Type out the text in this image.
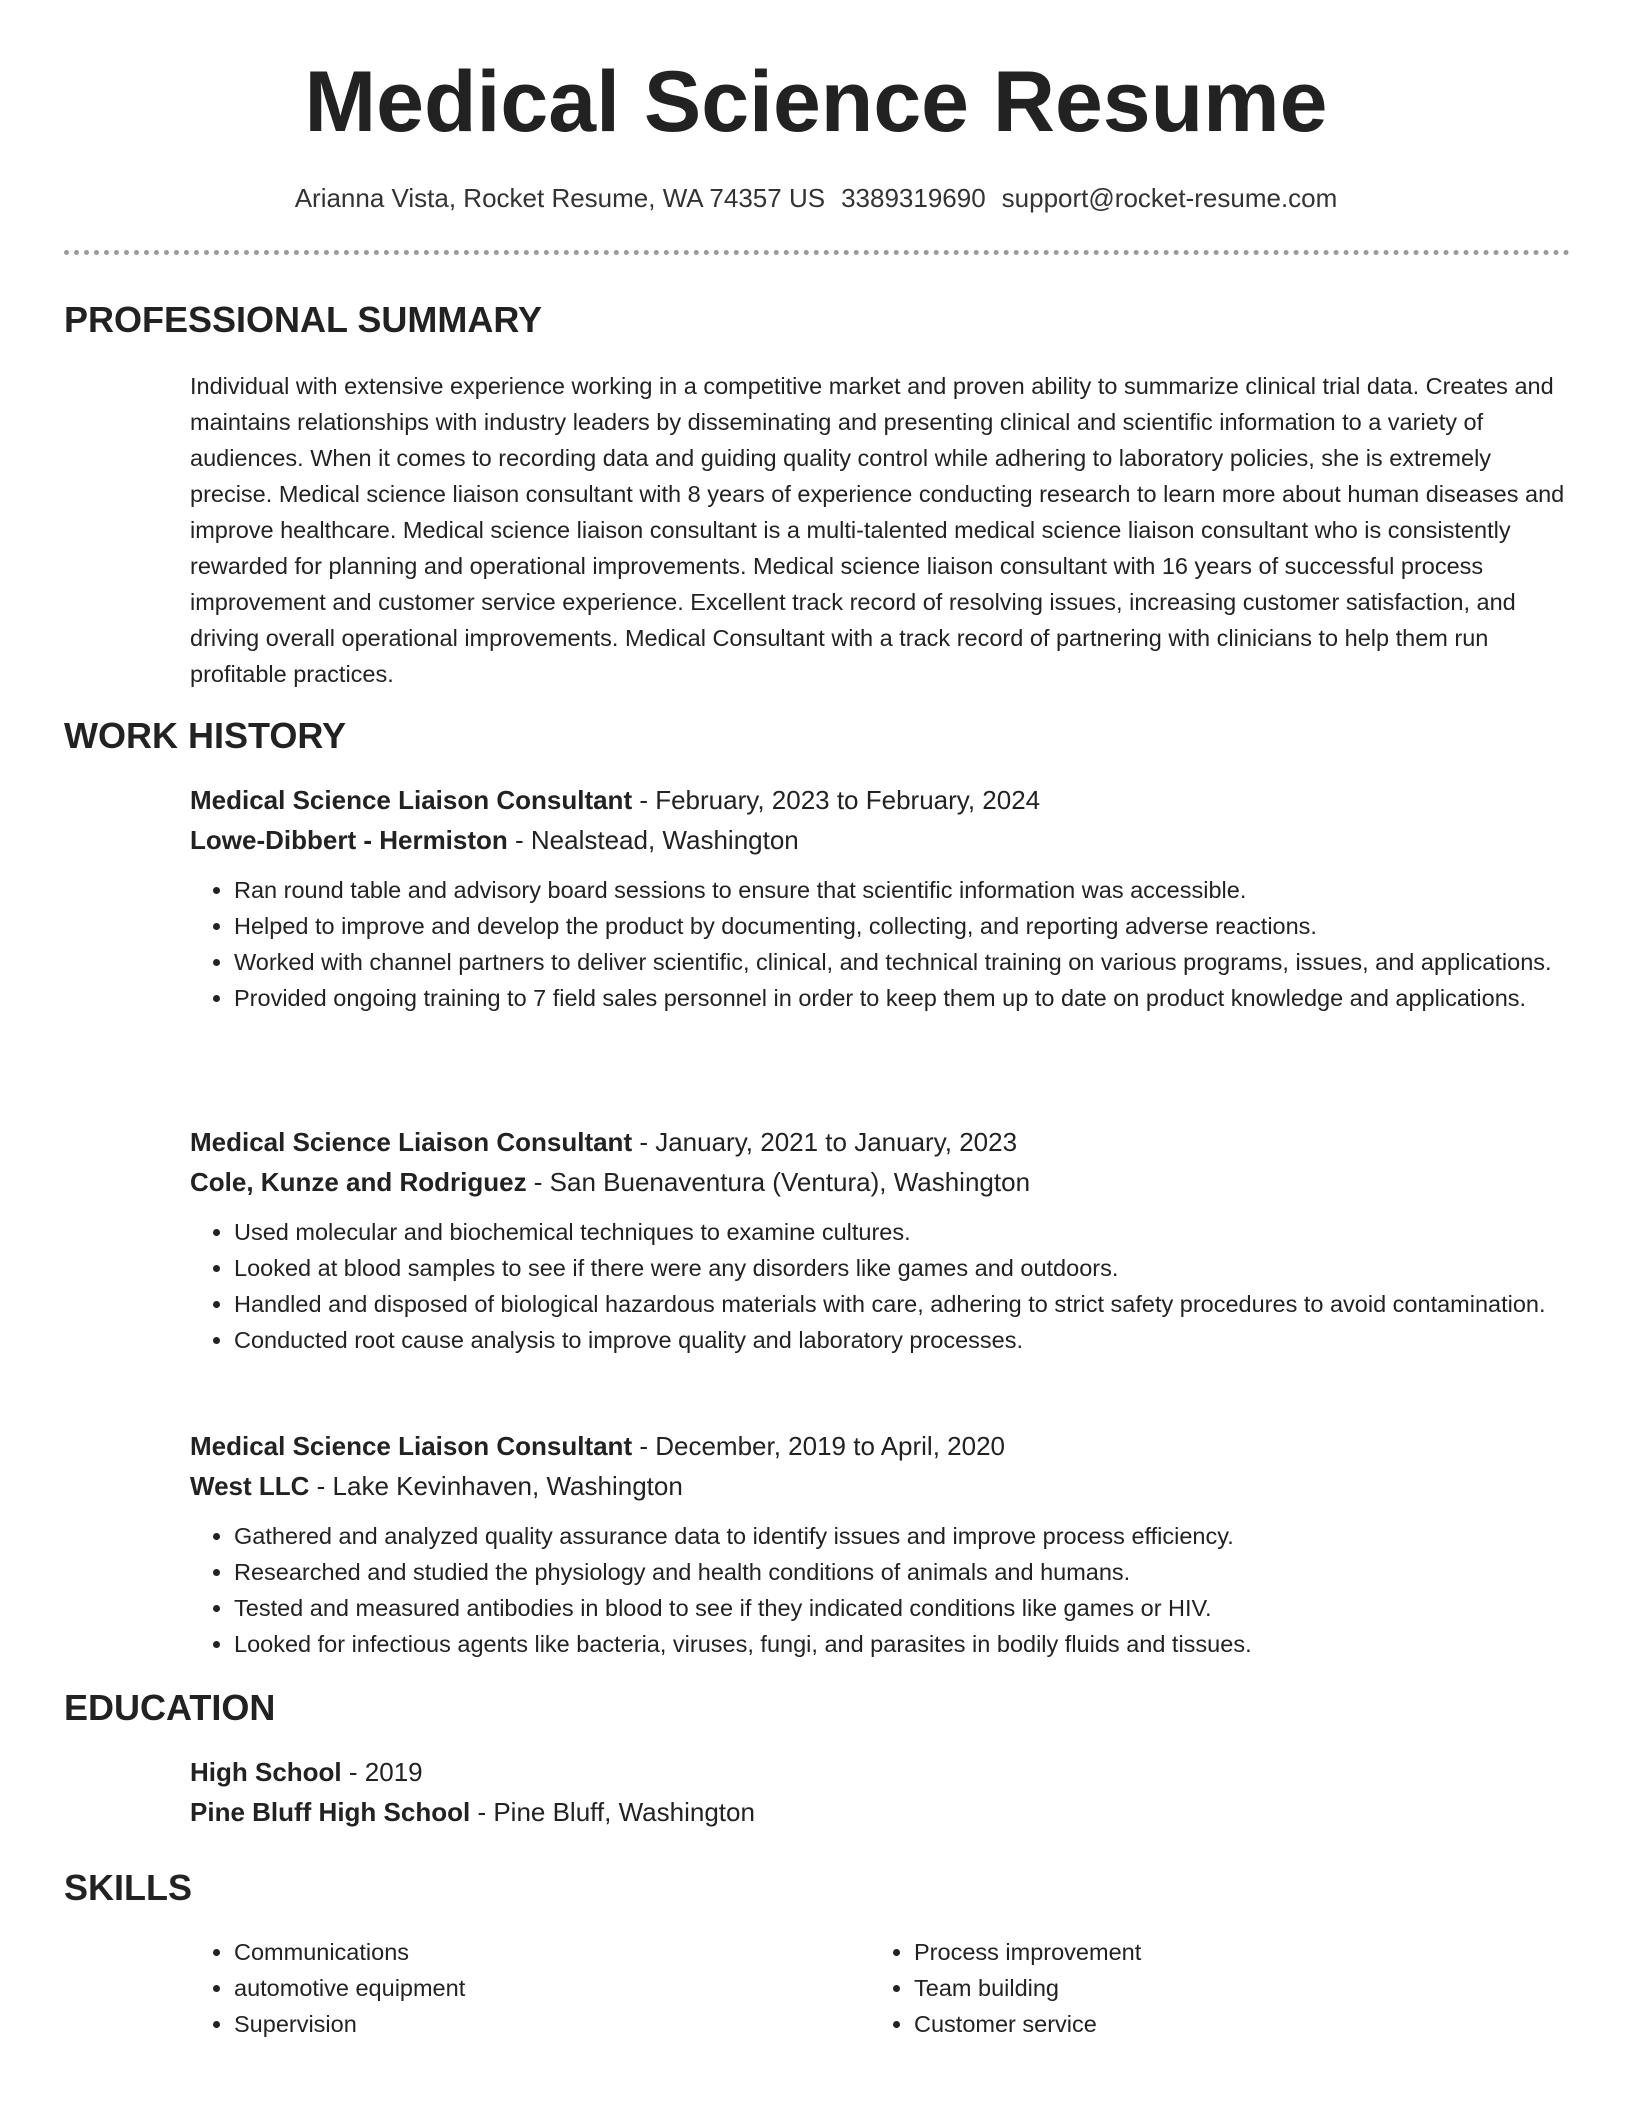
Medical Science Resume
Arianna Vista, Rocket Resume, WA 74357 US 3389319690 support@rocket-resume.com
PROFESSIONAL SUMMARY
Individual with extensive experience working in a competitive market and proven ability to summarize clinical trial data. Creates and maintains relationships with industry leaders by disseminating and presenting clinical and scientific information to a variety of audiences. When it comes to recording data and guiding quality control while adhering to laboratory policies, she is extremely precise. Medical science liaison consultant with 8 years of experience conducting research to learn more about human diseases and improve healthcare. Medical science liaison consultant is a multi-talented medical science liaison consultant who is consistently rewarded for planning and operational improvements. Medical science liaison consultant with 16 years of successful process improvement and customer service experience. Excellent track record of resolving issues, increasing customer satisfaction, and driving overall operational improvements. Medical Consultant with a track record of partnering with clinicians to help them run profitable practices.
WORK HISTORY
Medical Science Liaison Consultant - February, 2023 to February, 2024
Lowe-Dibbert - Hermiston - Nealstead, Washington
• Ran round table and advisory board sessions to ensure that scientific information was accessible.
• Helped to improve and develop the product by documenting, collecting, and reporting adverse reactions.
• Worked with channel partners to deliver scientific, clinical, and technical training on various programs, issues, and applications.
• Provided ongoing training to 7 field sales personnel in order to keep them up to date on product knowledge and applications.
Medical Science Liaison Consultant - January, 2021 to January, 2023
Cole, Kunze and Rodriguez - San Buenaventura (Ventura), Washington
• Used molecular and biochemical techniques to examine cultures.
• Looked at blood samples to see if there were any disorders like games and outdoors.
• Handled and disposed of biological hazardous materials with care, adhering to strict safety procedures to avoid contamination.
• Conducted root cause analysis to improve quality and laboratory processes.
Medical Science Liaison Consultant - December, 2019 to April, 2020
West LLC - Lake Kevinhaven, Washington
• Gathered and analyzed quality assurance data to identify issues and improve process efficiency.
• Researched and studied the physiology and health conditions of animals and humans.
• Tested and measured antibodies in blood to see if they indicated conditions like games or HIV.
• Looked for infectious agents like bacteria, viruses, fungi, and parasites in bodily fluids and tissues.
EDUCATION
High School - 2019
Pine Bluff High School - Pine Bluff, Washington
SKILLS
• Communications
• automotive equipment
• Supervision
• Process improvement
• Team building
• Customer service
